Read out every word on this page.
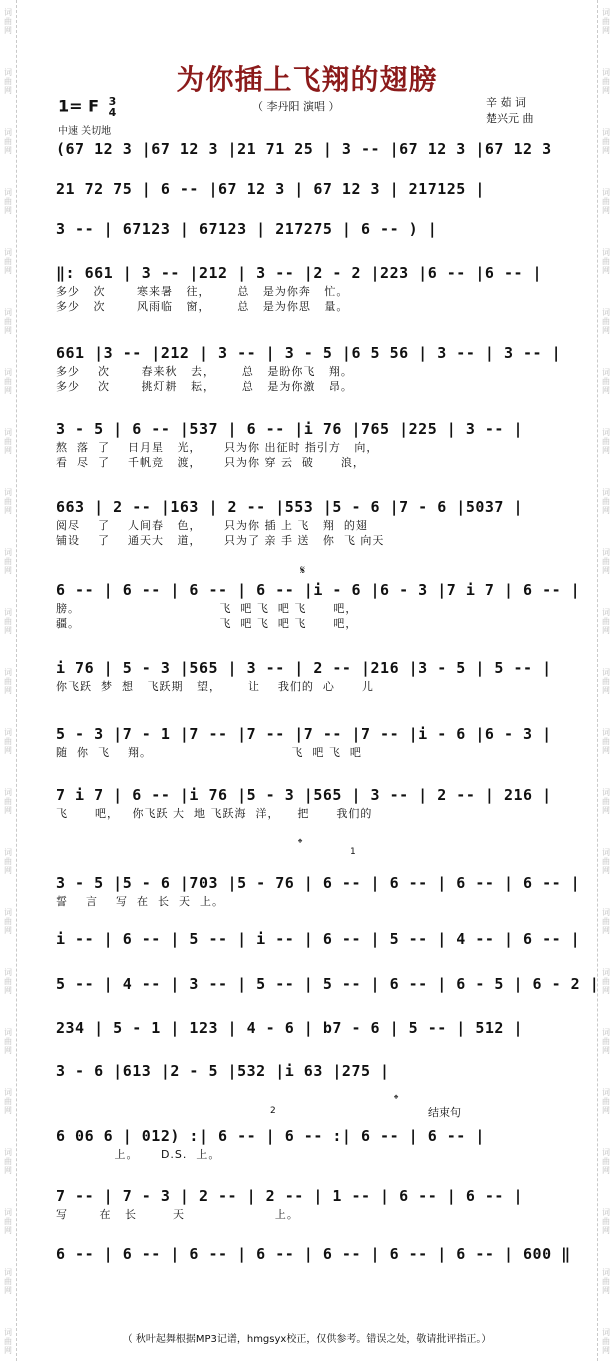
词
曲
网
词
曲
网
词
曲
网
词
曲
网
词
曲
网
词
曲
网
词
曲
网
词
曲
网
词
曲
网
词
曲
网
词
曲
网
词
曲
网
词
曲
网
词
曲
网
词
曲
网
词
曲
网
词
曲
网
词
曲
网
词
曲
网
词
曲
网
词
曲
网
词
曲
网
词
曲
网
词
曲
网
词
曲
网
词
曲
网
词
曲
网
词
曲
网
词
曲
网
词
曲
网
词
曲
网
词
曲
网
词
曲
网
词
曲
网
词
曲
网
词
曲
网
词
曲
网
词
曲
网
词
曲
网
词
曲
网
词
曲
网
词
曲
网
词
曲
网
词
曲
网
词
曲
网
词
曲
网
为你插上飞翔的翅膀
1= F 3
4
中速 关切地
（ 李丹阳 演唱 ）	辛 茹 词
楚兴元 曲
(67 12 3 |67 12 3 |21 71 25 | 3 -- |67 12 3 |67 12 3
21 72 75 | 6 -- |67 12 3 | 67 12 3 | 217125 |
3 -- | 67123 | 67123 | 217275 | 6 -- ) |
‖: 661 | 3 -- |212 | 3 -- |2 - 2 |223 |6 -- |6 -- |
多少   次       寒来暑   往，      总   是为你奔   忙。
多少   次       风雨临   窗，      总   是为你思   量。
661 |3 -- |212 | 3 -- | 3 - 5 |6 5 56 | 3 -- | 3 -- |
多少    次       春来秋   去，      总   是盼你飞   翔。
多少    次       挑灯耕   耘，      总   是为你激   昂。
3 - 5 | 6 -- |537 | 6 -- |i 76 |765 |225 | 3 -- |
熬  落  了    日月星   光，     只为你 出征时 指引方   向，
看  尽  了    千帆竞   渡，     只为你 穿 云  破      浪，
663 | 2 -- |163 | 2 -- |553 |5 - 6 |7 - 6 |5037 |
阅尽    了    人间春   色，     只为你 插 上 飞   翔  的翅
铺设    了    通天大   道，     只为了 亲 手 送   你  飞 向天
6 -- | 6 -- | 6 -- | 6 -- |i - 6 |6 - 3 |7 i 7 | 6 -- |
膀。                               飞  吧 飞  吧 飞      吧，
疆。                               飞  吧 飞  吧 飞      吧，
i 76 | 5 - 3 |565 | 3 -- | 2 -- |216 |3 - 5 | 5 -- |
你飞跃  梦  想   飞跃期   望，      让    我们的  心      儿
5 - 3 |7 - 1 |7 -- |7 -- |7 -- |7 -- |i - 6 |6 - 3 |
随  你  飞    翔。                               飞  吧 飞  吧
7 i 7 | 6 -- |i 76 |5 - 3 |565 | 3 -- | 2 -- | 216 |
飞      吧，   你飞跃 大  地 飞跃海  洋，    把      我们的
3 - 5 |5 - 6 |703 |5 - 76 | 6 -- | 6 -- | 6 -- | 6 -- |
誓    言    写  在  长  天  上。
i -- | 6 -- | 5 -- | i -- | 6 -- | 5 -- | 4 -- | 6 -- |
5 -- | 4 -- | 3 -- | 5 -- | 5 -- | 6 -- | 6 - 5 | 6 - 2 |
234 | 5 - 1 | 123 | 4 - 6 | b7 - 6 | 5 -- | 512 |
3 - 6 |613 |2 - 5 |532 |i 63 |275 |
6 06 6 | 012) :| 6 -- | 6 -- :| 6 -- | 6 -- |
上。     D.S.  上。
7 -- | 7 - 3 | 2 -- | 2 -- | 1 -- | 6 -- | 6 -- |
写       在   长        天                    上。
6 -- | 6 -- | 6 -- | 6 -- | 6 -- | 6 -- | 6 -- | 600 ‖
𝄋
𝄌
1
2
𝄌
结束句
（ 秋叶起舞根据MP3记谱，hmgsyx校正，仅供参考。错误之处，敬请批评指正。）
